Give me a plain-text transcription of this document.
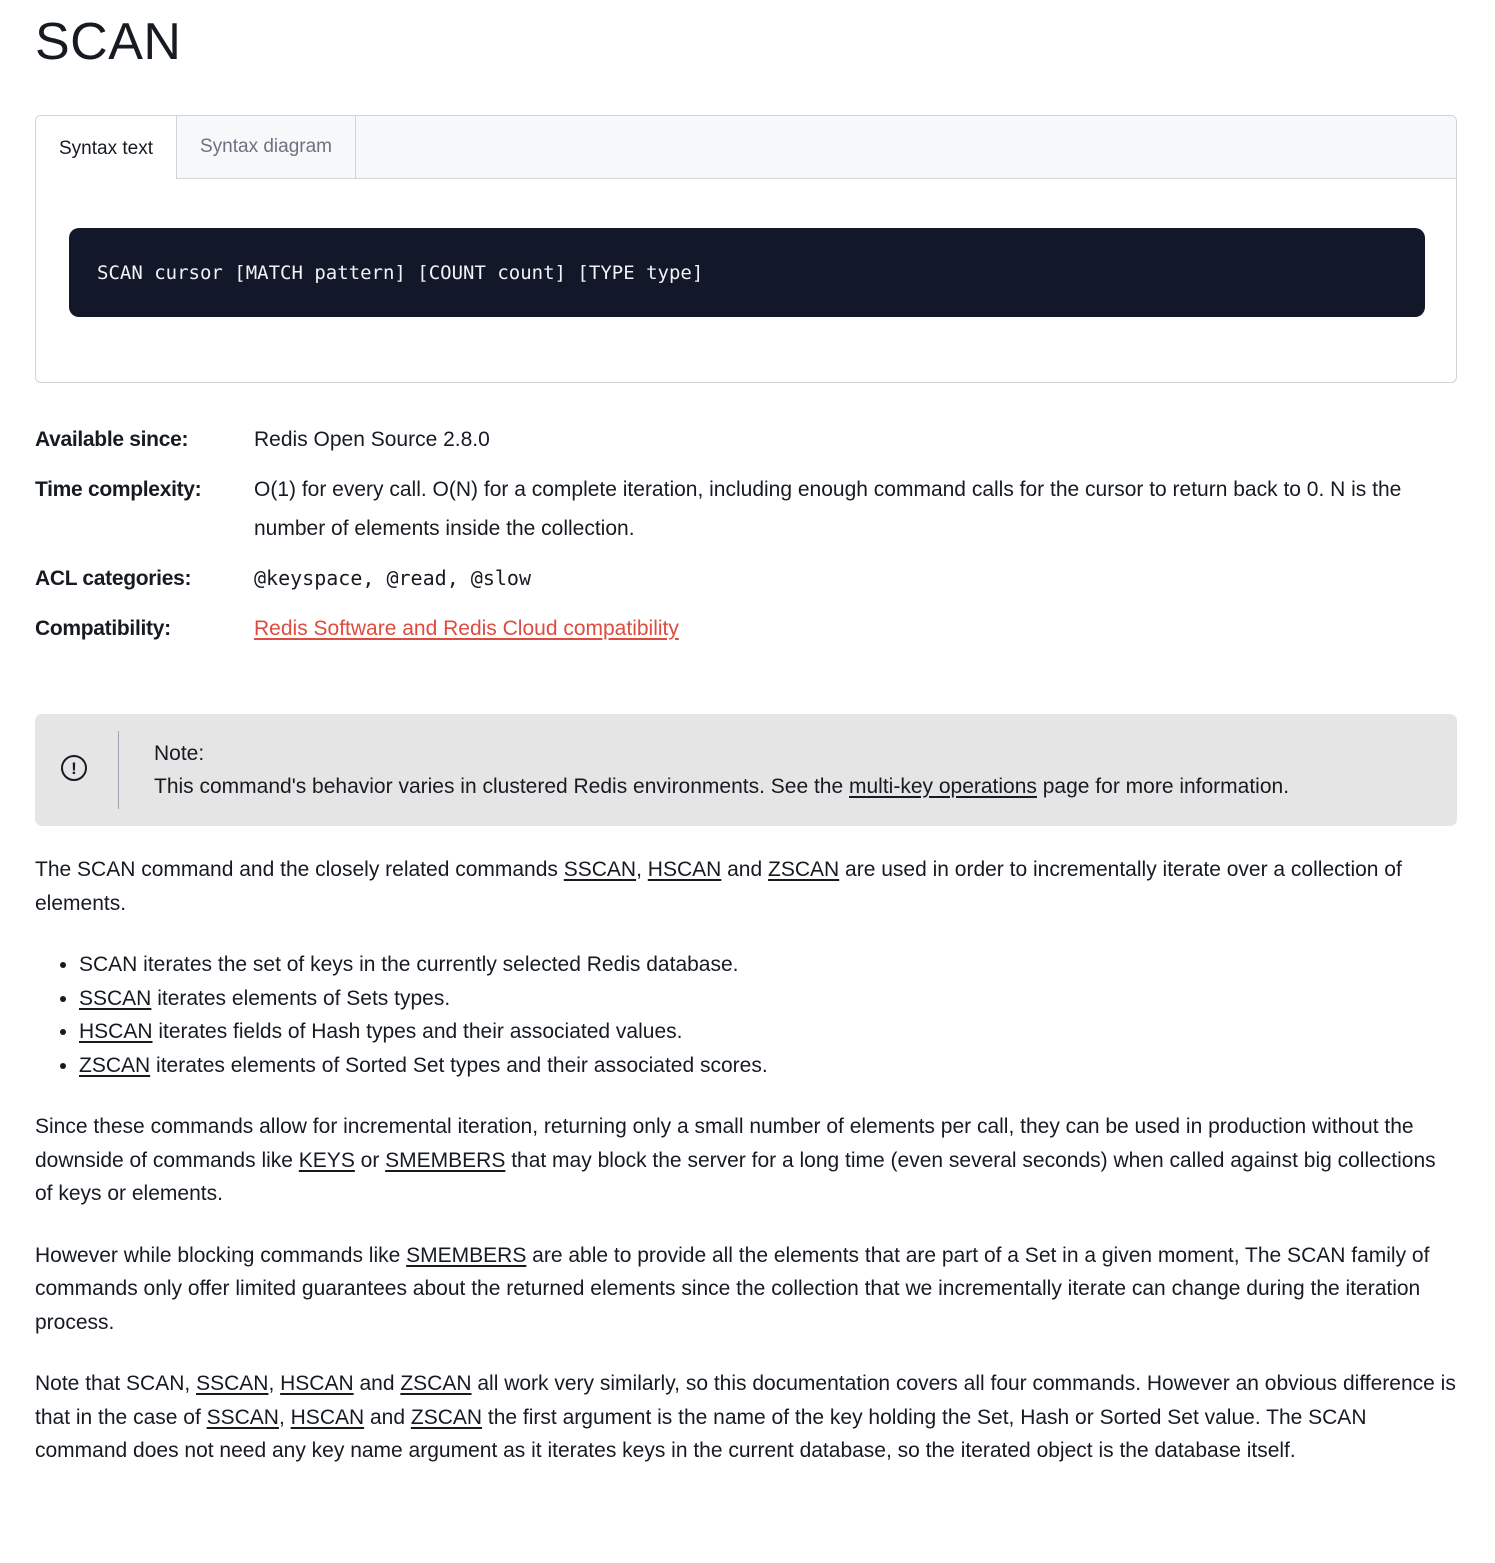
SCAN
Syntax text	Syntax diagram
SCAN cursor [MATCH pattern] [COUNT count] [TYPE type]
Available since:	Redis Open Source 2.8.0
Time complexity:	O(1) for every call. O(N) for a complete iteration, including enough command calls for the cursor to return back to 0. N is the number of elements inside the collection.
ACL categories:	@keyspace, @read, @slow
Compatibility:	Redis Software and Redis Cloud compatibility
!
Note:
This command's behavior varies in clustered Redis environments. See the multi-key operations page for more information.

The SCAN command and the closely related commands SSCAN, HSCAN and ZSCAN are used in order to incrementally iterate over a collection of elements.

• SCAN iterates the set of keys in the currently selected Redis database.
• SSCAN iterates elements of Sets types.
• HSCAN iterates fields of Hash types and their associated values.
• ZSCAN iterates elements of Sorted Set types and their associated scores.

Since these commands allow for incremental iteration, returning only a small number of elements per call, they can be used in production without the downside of commands like KEYS or SMEMBERS that may block the server for a long time (even several seconds) when called against big collections of keys or elements.

However while blocking commands like SMEMBERS are able to provide all the elements that are part of a Set in a given moment, The SCAN family of commands only offer limited guarantees about the returned elements since the collection that we incrementally iterate can change during the iteration process.

Note that SCAN, SSCAN, HSCAN and ZSCAN all work very similarly, so this documentation covers all four commands. However an obvious difference is that in the case of SSCAN, HSCAN and ZSCAN the first argument is the name of the key holding the Set, Hash or Sorted Set value. The SCAN command does not need any key name argument as it iterates keys in the current database, so the iterated object is the database itself.
